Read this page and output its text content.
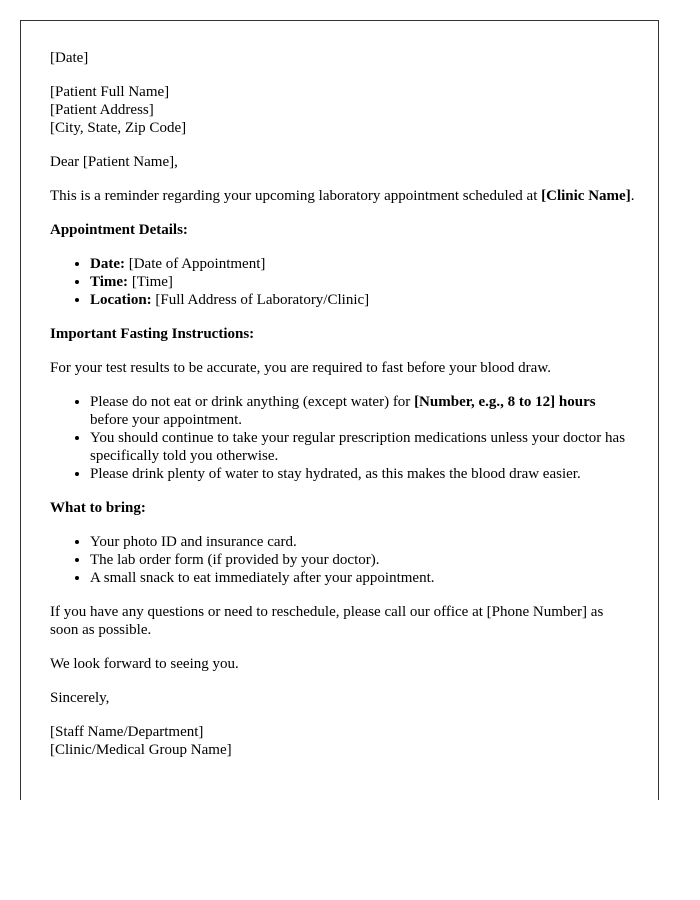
[Date]

[Patient Full Name]
[Patient Address]
[City, State, Zip Code]

Dear [Patient Name],

This is a reminder regarding your upcoming laboratory appointment scheduled at [Clinic Name].

Appointment Details:

• Date: [Date of Appointment]
• Time: [Time]
• Location: [Full Address of Laboratory/Clinic]

Important Fasting Instructions:

For your test results to be accurate, you are required to fast before your blood draw.

• Please do not eat or drink anything (except water) for [Number, e.g., 8 to 12] hours before your appointment.
• You should continue to take your regular prescription medications unless your doctor has specifically told you otherwise.
• Please drink plenty of water to stay hydrated, as this makes the blood draw easier.

What to bring:

• Your photo ID and insurance card.
• The lab order form (if provided by your doctor).
• A small snack to eat immediately after your appointment.

If you have any questions or need to reschedule, please call our office at [Phone Number] as soon as possible.

We look forward to seeing you.

Sincerely,

[Staff Name/Department]
[Clinic/Medical Group Name]
